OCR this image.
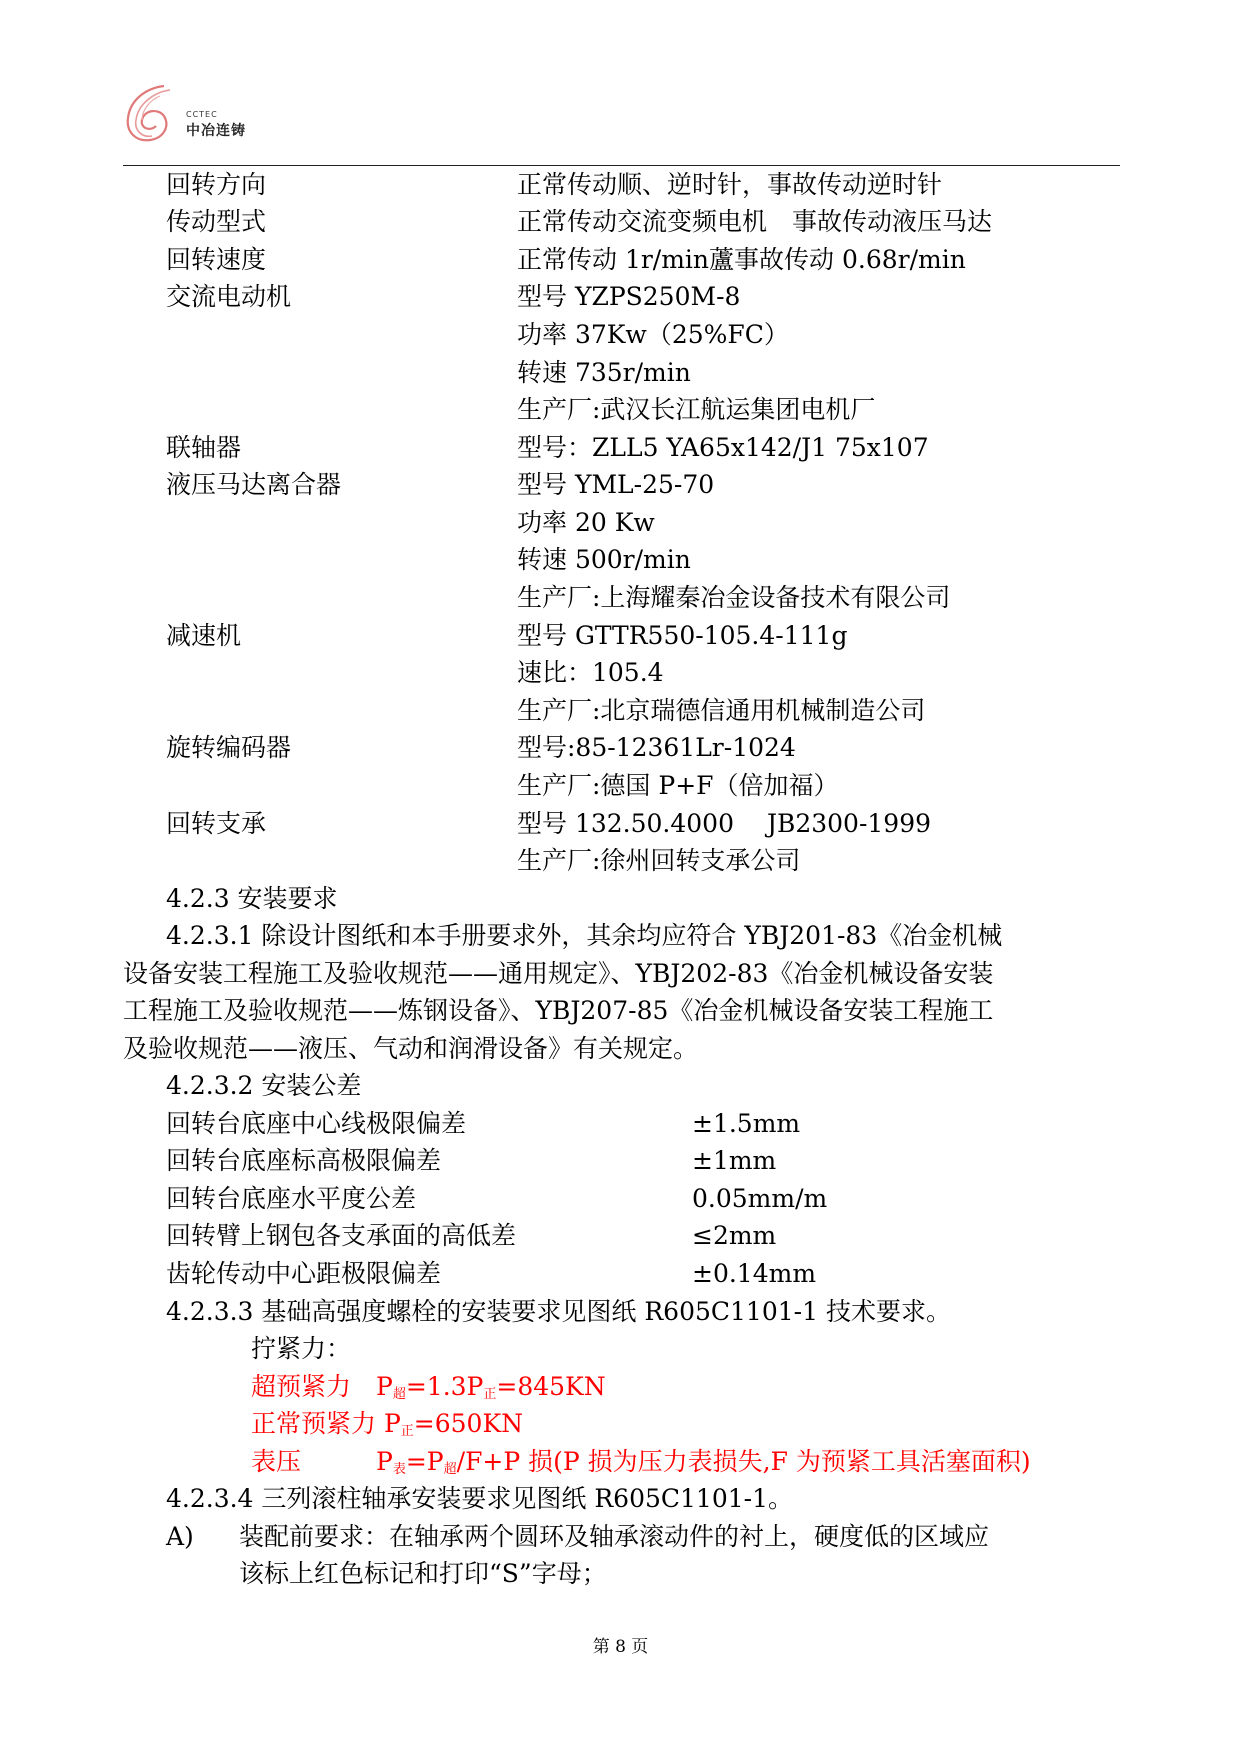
CCTEC
中冶连铸
回转方向	正常传动顺、逆时针，事故传动逆时针
传动型式	正常传动交流变频电机　事故传动液压马达
回转速度	正常传动 1r/min蘆事故传动 0.68r/min
交流电动机	型号 YZPS250M-8
功率 37Kw（25%FC）
转速 735r/min
生产厂:武汉长江航运集团电机厂
联轴器	型号：ZLL5 YA65x142/J1 75x107
液压马达离合器	型号 YML-25-70
功率 20 Kw
转速 500r/min
生产厂:上海耀秦冶金设备技术有限公司
减速机	型号 GTTR550-105.4-111g
速比：105.4
生产厂:北京瑞德信通用机械制造公司
旋转编码器	型号:85-12361Lr-1024
生产厂:德国 P+F（倍加福）
回转支承	型号 132.50.4000　 JB2300-1999
生产厂:徐州回转支承公司
4.2.3 安装要求
4.2.3.1 除设计图纸和本手册要求外，其余均应符合 YBJ201-83《冶金机械
设备安装工程施工及验收规范——通用规定》、YBJ202-83《冶金机械设备安装
工程施工及验收规范——炼钢设备》、YBJ207-85《冶金机械设备安装工程施工
及验收规范——液压、气动和润滑设备》有关规定。
4.2.3.2 安装公差
回转台底座中心线极限偏差	±1.5mm
回转台底座标高极限偏差	±1mm
回转台底座水平度公差	0.05mm/m
回转臂上钢包各支承面的高低差	≤2mm
齿轮传动中心距极限偏差	±0.14mm
4.2.3.3 基础高强度螺栓的安装要求见图纸 R605C1101-1 技术要求。
拧紧力：
超预紧力　$P_超=1.3P_正=845KN$
正常预紧力 $P_正=650KN$
表压　　　$P_表=P_超/F+P$ 损(P 损为压力表损失,F 为预紧工具活塞面积)
4.2.3.4 三列滚柱轴承安装要求见图纸 R605C1101-1。
A) 装配前要求：在轴承两个圆环及轴承滚动件的衬上，硬度低的区域应
该标上红色标记和打印“S”字母；
第 8 页
